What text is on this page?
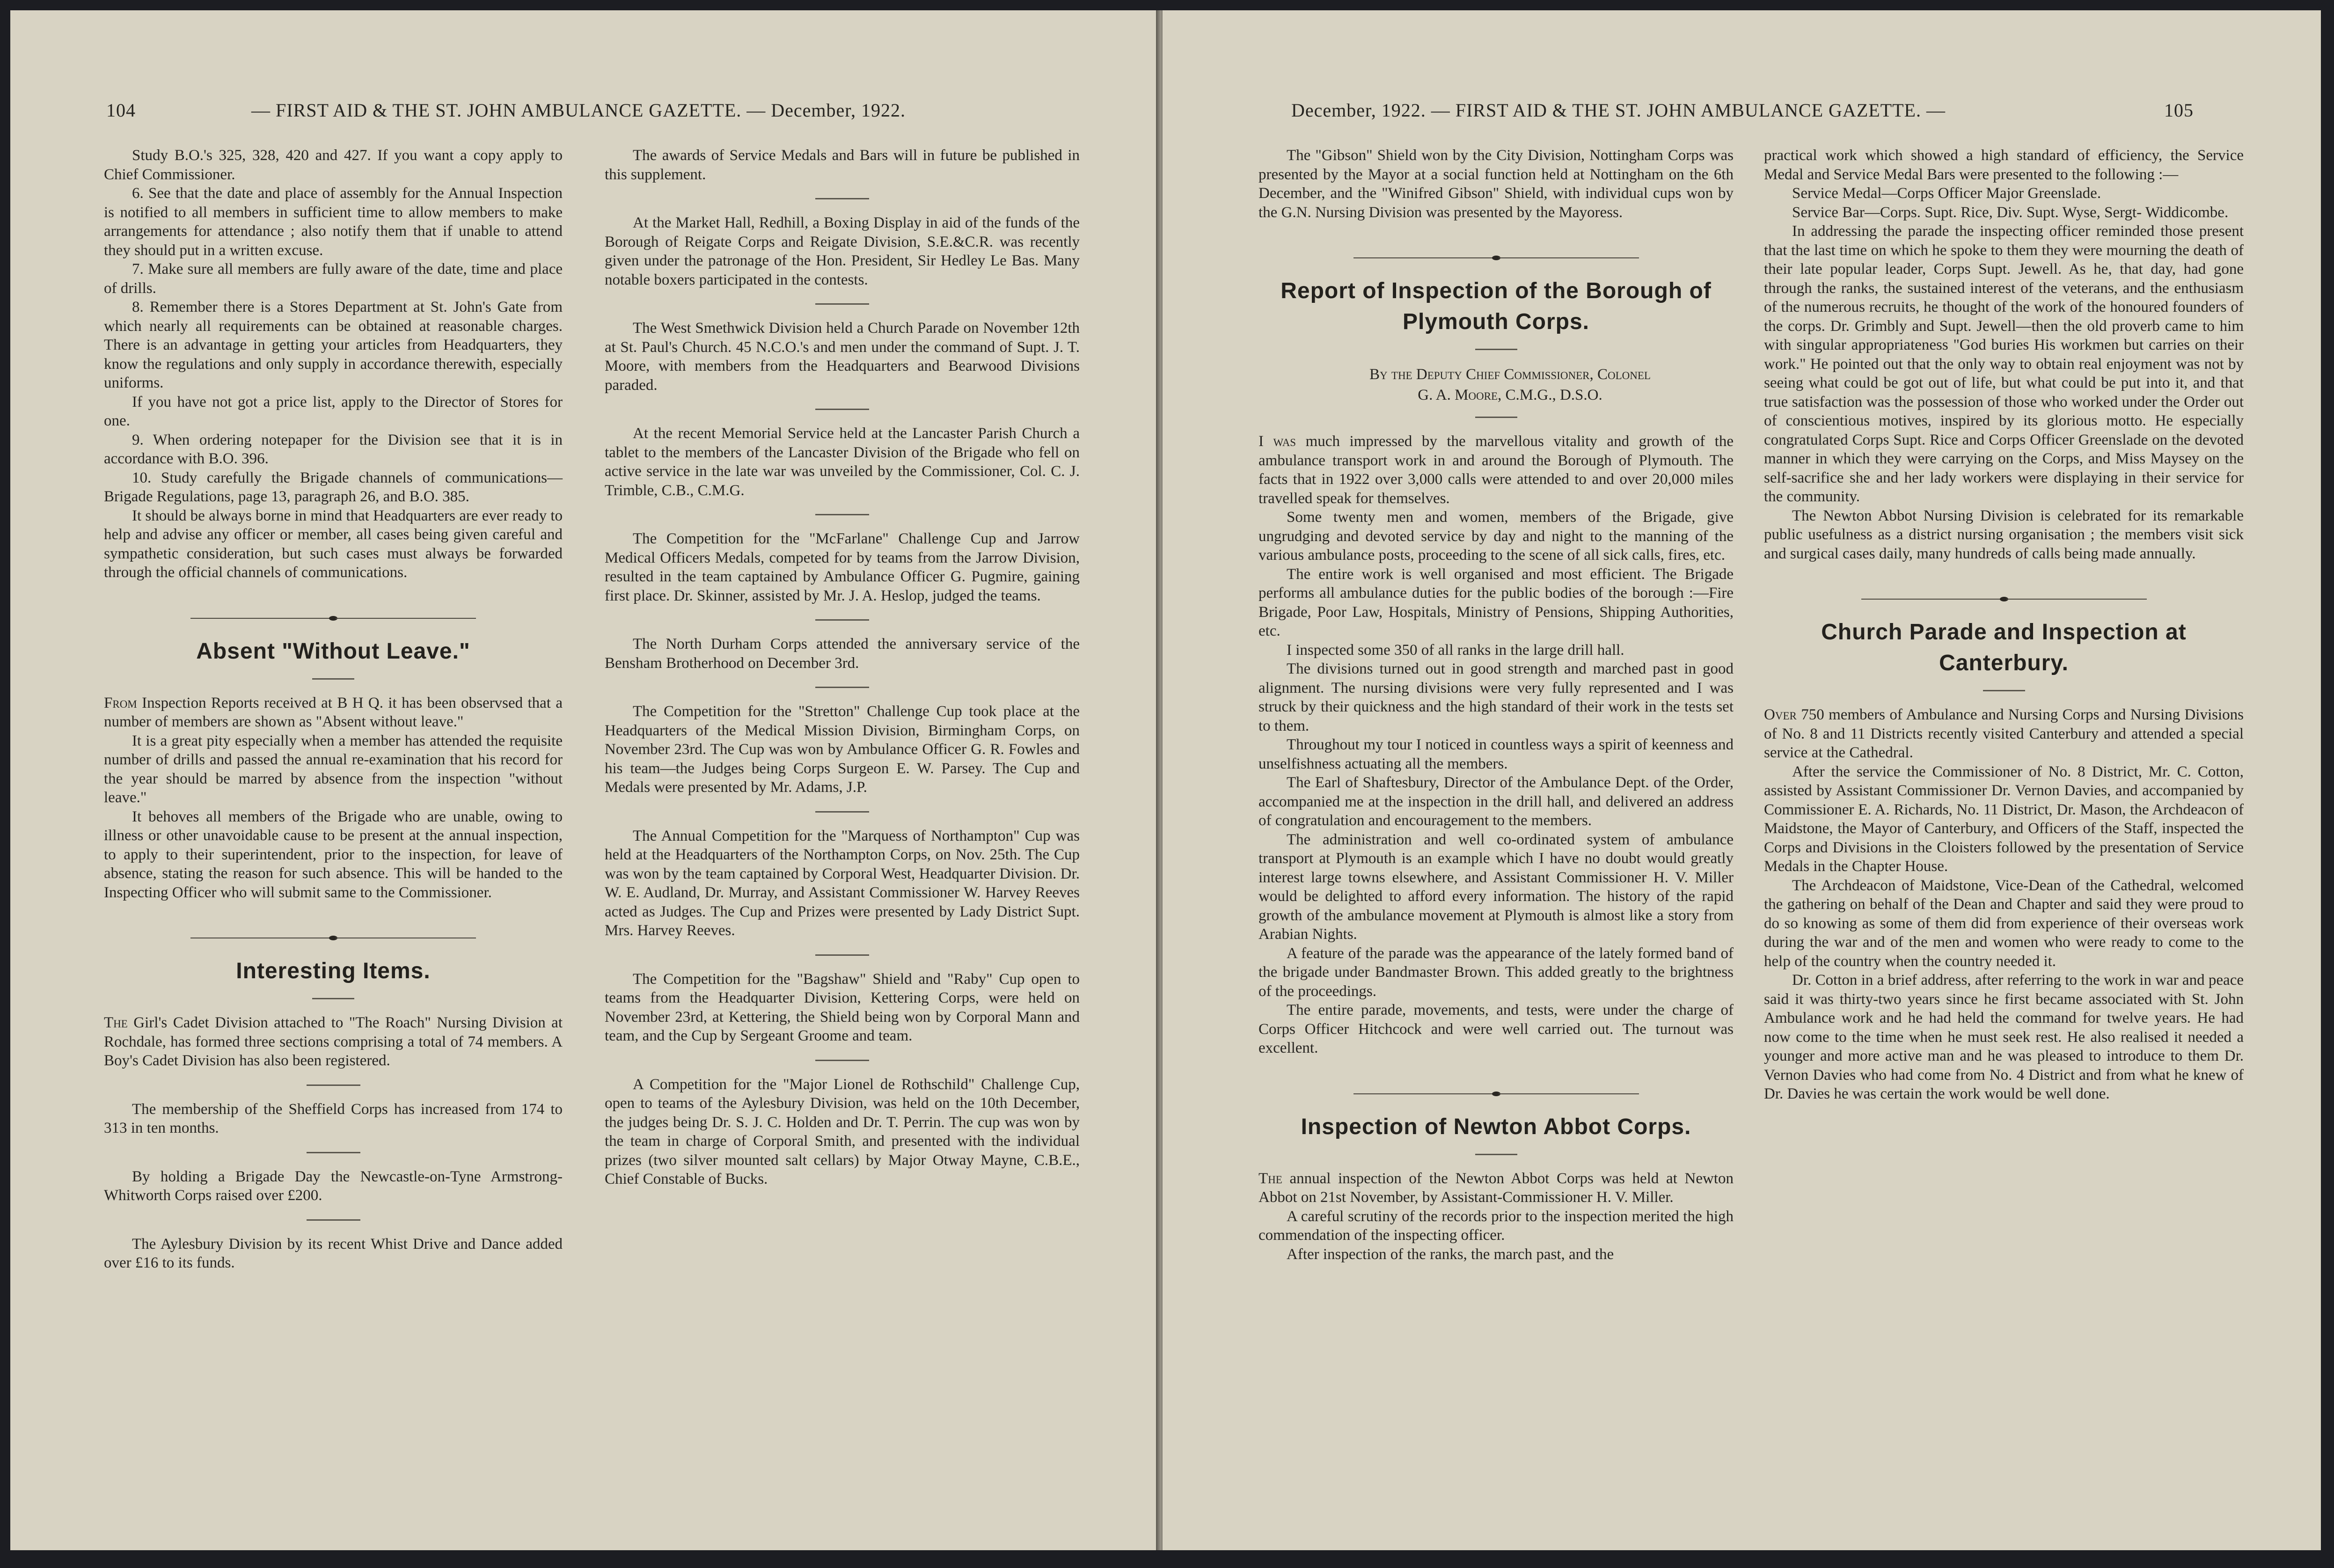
104	— FIRST AID & THE ST. JOHN AMBULANCE GAZETTE. — December, 1922.

Study B.O.'s 325, 328, 420 and 427. If you want a copy apply to Chief Commissioner.

6. See that the date and place of assembly for the Annual Inspection is notified to all members in sufficient time to allow members to make arrangements for attendance ; also notify them that if unable to attend they should put in a written excuse.

7. Make sure all members are fully aware of the date, time and place of drills.

8. Remember there is a Stores Department at St. John's Gate from which nearly all requirements can be obtained at reasonable charges. There is an advantage in getting your articles from Headquarters, they know the regulations and only supply in accordance therewith, especially uniforms.

If you have not got a price list, apply to the Director of Stores for one.

9. When ordering notepaper for the Division see that it is in accordance with B.O. 396.

10. Study carefully the Brigade channels of communications—Brigade Regulations, page 13, paragraph 26, and B.O. 385.

It should be always borne in mind that Headquarters are ever ready to help and advise any officer or member, all cases being given careful and sympathetic consideration, but such cases must always be forwarded through the official channels of communications.

Absent "Without Leave."

From Inspection Reports received at B H Q. it has been observsed that a number of members are shown as "Absent without leave."

It is a great pity especially when a member has attended the requisite number of drills and passed the annual re-examination that his record for the year should be marred by absence from the inspection "without leave."

It behoves all members of the Brigade who are unable, owing to illness or other unavoidable cause to be present at the annual inspection, to apply to their superintendent, prior to the inspection, for leave of absence, stating the reason for such absence. This will be handed to the Inspecting Officer who will submit same to the Commissioner.

Interesting Items.

The Girl's Cadet Division attached to "The Roach" Nursing Division at Rochdale, has formed three sections comprising a total of 74 members. A Boy's Cadet Division has also been registered.

The membership of the Sheffield Corps has increased from 174 to 313 in ten months.

By holding a Brigade Day the Newcastle-on-Tyne Armstrong-Whitworth Corps raised over £200.

The Aylesbury Division by its recent Whist Drive and Dance added over £16 to its funds.

The awards of Service Medals and Bars will in future be published in this supplement.

At the Market Hall, Redhill, a Boxing Display in aid of the funds of the Borough of Reigate Corps and Reigate Division, S.E.&C.R. was recently given under the patronage of the Hon. President, Sir Hedley Le Bas. Many notable boxers participated in the contests.

The West Smethwick Division held a Church Parade on November 12th at St. Paul's Church. 45 N.C.O.'s and men under the command of Supt. J. T. Moore, with members from the Headquarters and Bearwood Divisions paraded.

At the recent Memorial Service held at the Lancaster Parish Church a tablet to the members of the Lancaster Division of the Brigade who fell on active service in the late war was unveiled by the Commissioner, Col. C. J. Trimble, C.B., C.M.G.

The Competition for the "McFarlane" Challenge Cup and Jarrow Medical Officers Medals, competed for by teams from the Jarrow Division, resulted in the team captained by Ambulance Officer G. Pugmire, gaining first place. Dr. Skinner, assisted by Mr. J. A. Heslop, judged the teams.

The North Durham Corps attended the anniversary service of the Bensham Brotherhood on December 3rd.

The Competition for the "Stretton" Challenge Cup took place at the Headquarters of the Medical Mission Division, Birmingham Corps, on November 23rd. The Cup was won by Ambulance Officer G. R. Fowles and his team—the Judges being Corps Surgeon E. W. Parsey. The Cup and Medals were presented by Mr. Adams, J.P.

The Annual Competition for the "Marquess of Northampton" Cup was held at the Headquarters of the Northampton Corps, on Nov. 25th. The Cup was won by the team captained by Corporal West, Headquarter Division. Dr. W. E. Audland, Dr. Murray, and Assistant Commissioner W. Harvey Reeves acted as Judges. The Cup and Prizes were presented by Lady District Supt. Mrs. Harvey Reeves.

The Competition for the "Bagshaw" Shield and "Raby" Cup open to teams from the Headquarter Division, Kettering Corps, were held on November 23rd, at Kettering, the Shield being won by Corporal Mann and team, and the Cup by Sergeant Groome and team.

A Competition for the "Major Lionel de Rothschild" Challenge Cup, open to teams of the Aylesbury Division, was held on the 10th December, the judges being Dr. S. J. C. Holden and Dr. T. Perrin. The cup was won by the team in charge of Corporal Smith, and presented with the individual prizes (two silver mounted salt cellars) by Major Otway Mayne, C.B.E., Chief Constable of Bucks.

December, 1922. — FIRST AID & THE ST. JOHN AMBULANCE GAZETTE. —	105

The "Gibson" Shield won by the City Division, Nottingham Corps was presented by the Mayor at a social function held at Nottingham on the 6th December, and the "Winifred Gibson" Shield, with individual cups won by the G.N. Nursing Division was presented by the Mayoress.

Report of Inspection of the Borough of Plymouth Corps.

By the Deputy Chief Commissioner, Colonel

G. A. Moore, C.M.G., D.S.O.

I was much impressed by the marvellous vitality and growth of the ambulance transport work in and around the Borough of Plymouth. The facts that in 1922 over 3,000 calls were attended to and over 20,000 miles travelled speak for themselves.

Some twenty men and women, members of the Brigade, give ungrudging and devoted service by day and night to the manning of the various ambulance posts, proceeding to the scene of all sick calls, fires, etc.

The entire work is well organised and most efficient. The Brigade performs all ambulance duties for the public bodies of the borough :—Fire Brigade, Poor Law, Hospitals, Ministry of Pensions, Shipping Authorities, etc.

I inspected some 350 of all ranks in the large drill hall.

The divisions turned out in good strength and marched past in good alignment. The nursing divisions were very fully represented and I was struck by their quickness and the high standard of their work in the tests set to them.

Throughout my tour I noticed in countless ways a spirit of keenness and unselfishness actuating all the members.

The Earl of Shaftesbury, Director of the Ambulance Dept. of the Order, accompanied me at the inspection in the drill hall, and delivered an address of congratulation and encouragement to the members.

The administration and well co-ordinated system of ambulance transport at Plymouth is an example which I have no doubt would greatly interest large towns elsewhere, and Assistant Commissioner H. V. Miller would be delighted to afford every information. The history of the rapid growth of the ambulance movement at Plymouth is almost like a story from Arabian Nights.

A feature of the parade was the appearance of the lately formed band of the brigade under Bandmaster Brown. This added greatly to the brightness of the proceedings.

The entire parade, movements, and tests, were under the charge of Corps Officer Hitchcock and were well carried out. The turnout was excellent.

Inspection of Newton Abbot Corps.

The annual inspection of the Newton Abbot Corps was held at Newton Abbot on 21st November, by Assistant-Commissioner H. V. Miller.

A careful scrutiny of the records prior to the inspection merited the high commendation of the inspecting officer.

After inspection of the ranks, the march past, and the

practical work which showed a high standard of efficiency, the Service Medal and Service Medal Bars were presented to the following :—

Service Medal—Corps Officer Major Greenslade.

Service Bar—Corps. Supt. Rice, Div. Supt. Wyse, Sergt- Widdicombe.

In addressing the parade the inspecting officer reminded those present that the last time on which he spoke to them they were mourning the death of their late popular leader, Corps Supt. Jewell. As he, that day, had gone through the ranks, the sustained interest of the veterans, and the enthusiasm of the numerous recruits, he thought of the work of the honoured founders of the corps. Dr. Grimbly and Supt. Jewell—then the old proverb came to him with singular appropriateness "God buries His workmen but carries on their work." He pointed out that the only way to obtain real enjoyment was not by seeing what could be got out of life, but what could be put into it, and that true satisfaction was the possession of those who worked under the Order out of conscientious motives, inspired by its glorious motto. He especially congratulated Corps Supt. Rice and Corps Officer Greenslade on the devoted manner in which they were carrying on the Corps, and Miss Maysey on the self-sacrifice she and her lady workers were displaying in their service for the community.

The Newton Abbot Nursing Division is celebrated for its remarkable public usefulness as a district nursing organisation ; the members visit sick and surgical cases daily, many hundreds of calls being made annually.

Church Parade and Inspection at Canterbury.

Over 750 members of Ambulance and Nursing Corps and Nursing Divisions of No. 8 and 11 Districts recently visited Canterbury and attended a special service at the Cathedral.

After the service the Commissioner of No. 8 District, Mr. C. Cotton, assisted by Assistant Commissioner Dr. Vernon Davies, and accompanied by Commissioner E. A. Richards, No. 11 District, Dr. Mason, the Archdeacon of Maidstone, the Mayor of Canterbury, and Officers of the Staff, inspected the Corps and Divisions in the Cloisters followed by the presentation of Service Medals in the Chapter House.

The Archdeacon of Maidstone, Vice-Dean of the Cathedral, welcomed the gathering on behalf of the Dean and Chapter and said they were proud to do so knowing as some of them did from experience of their overseas work during the war and of the men and women who were ready to come to the help of the country when the country needed it.

Dr. Cotton in a brief address, after referring to the work in war and peace said it was thirty-two years since he first became associated with St. John Ambulance work and he had held the command for twelve years. He had now come to the time when he must seek rest. He also realised it needed a younger and more active man and he was pleased to introduce to them Dr. Vernon Davies who had come from No. 4 District and from what he knew of Dr. Davies he was certain the work would be well done.
